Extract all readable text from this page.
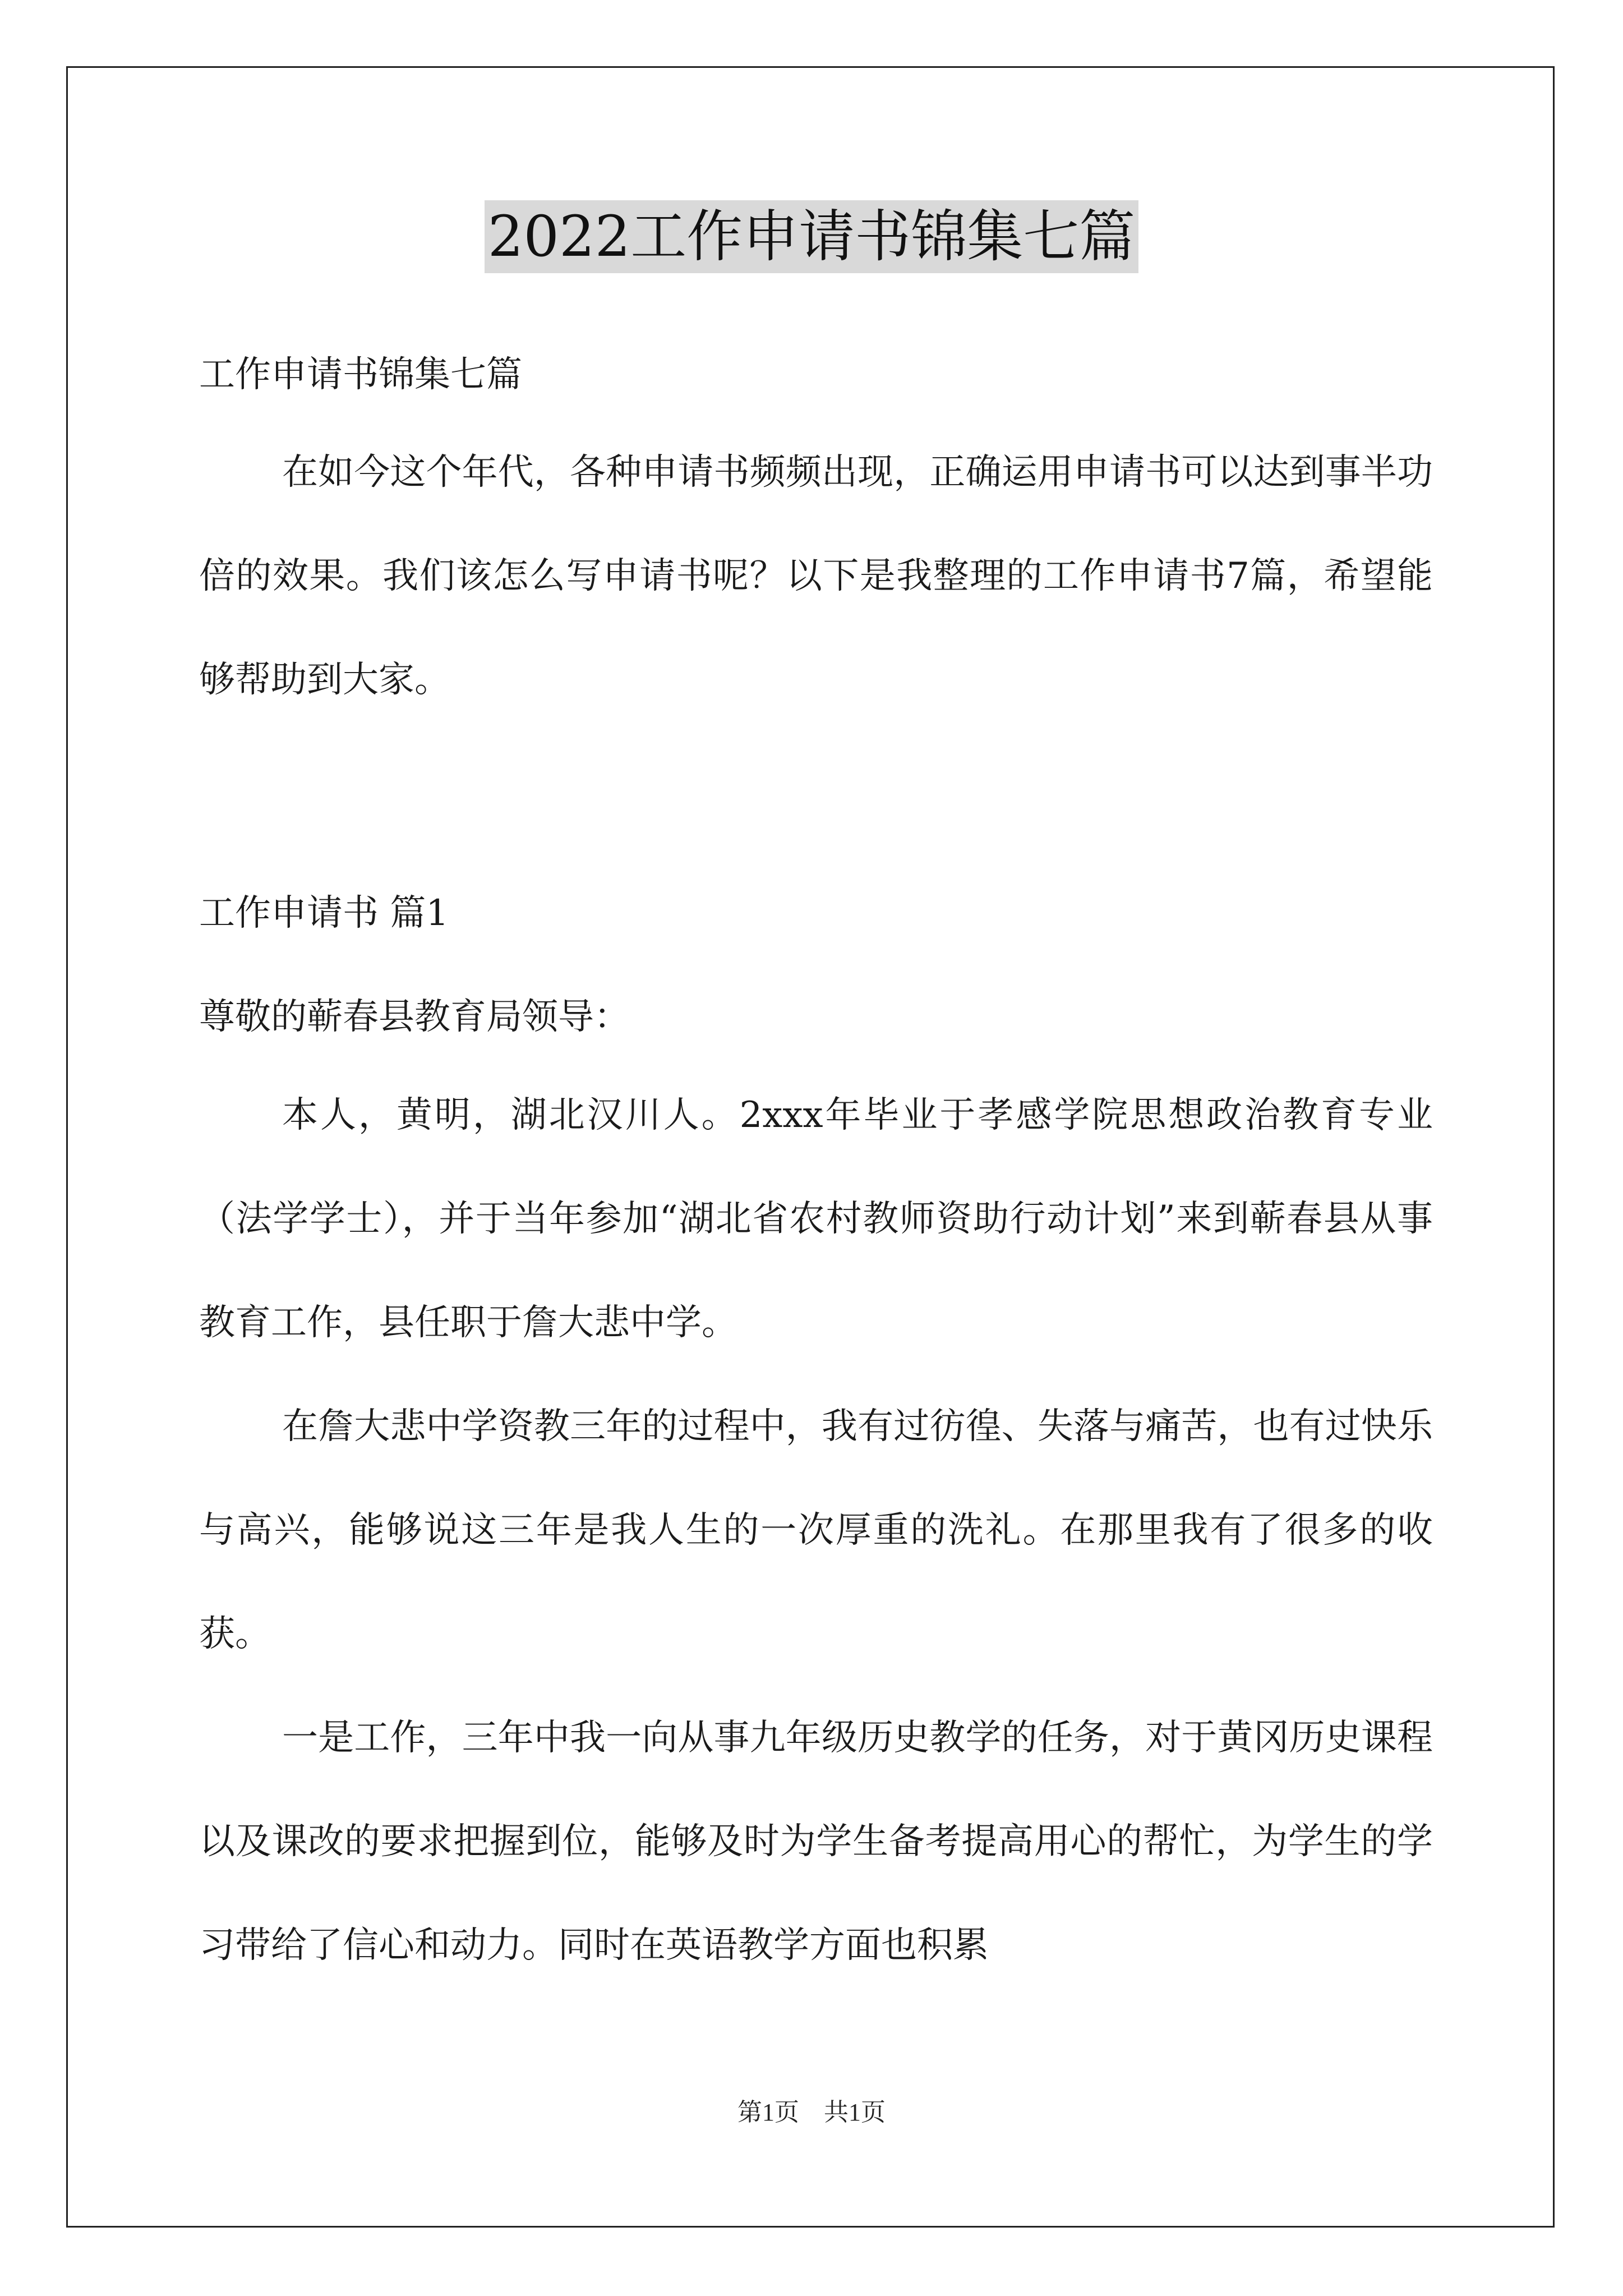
2022工作申请书锦集七篇
工作申请书锦集七篇
在如今这个年代，各种申请书频频出现，正确运用申请书可以达到事半功倍的效果。我们该怎么写申请书呢？以下是我整理的工作申请书7篇，希望能够帮助到大家。
工作申请书 篇1
尊敬的蕲春县教育局领导：
本人，黄明，湖北汉川人。2xxx年毕业于孝感学院思想政治教育专业（法学学士），并于当年参加“湖北省农村教师资助行动计划”来到蕲春县从事教育工作，县任职于詹大悲中学。
在詹大悲中学资教三年的过程中，我有过彷徨、失落与痛苦，也有过快乐与高兴，能够说这三年是我人生的一次厚重的洗礼。在那里我有了很多的收获。
一是工作，三年中我一向从事九年级历史教学的任务，对于黄冈历史课程以及课改的要求把握到位，能够及时为学生备考提高用心的帮忙，为学生的学习带给了信心和动力。同时在英语教学方面也积累
第1页　共1页
